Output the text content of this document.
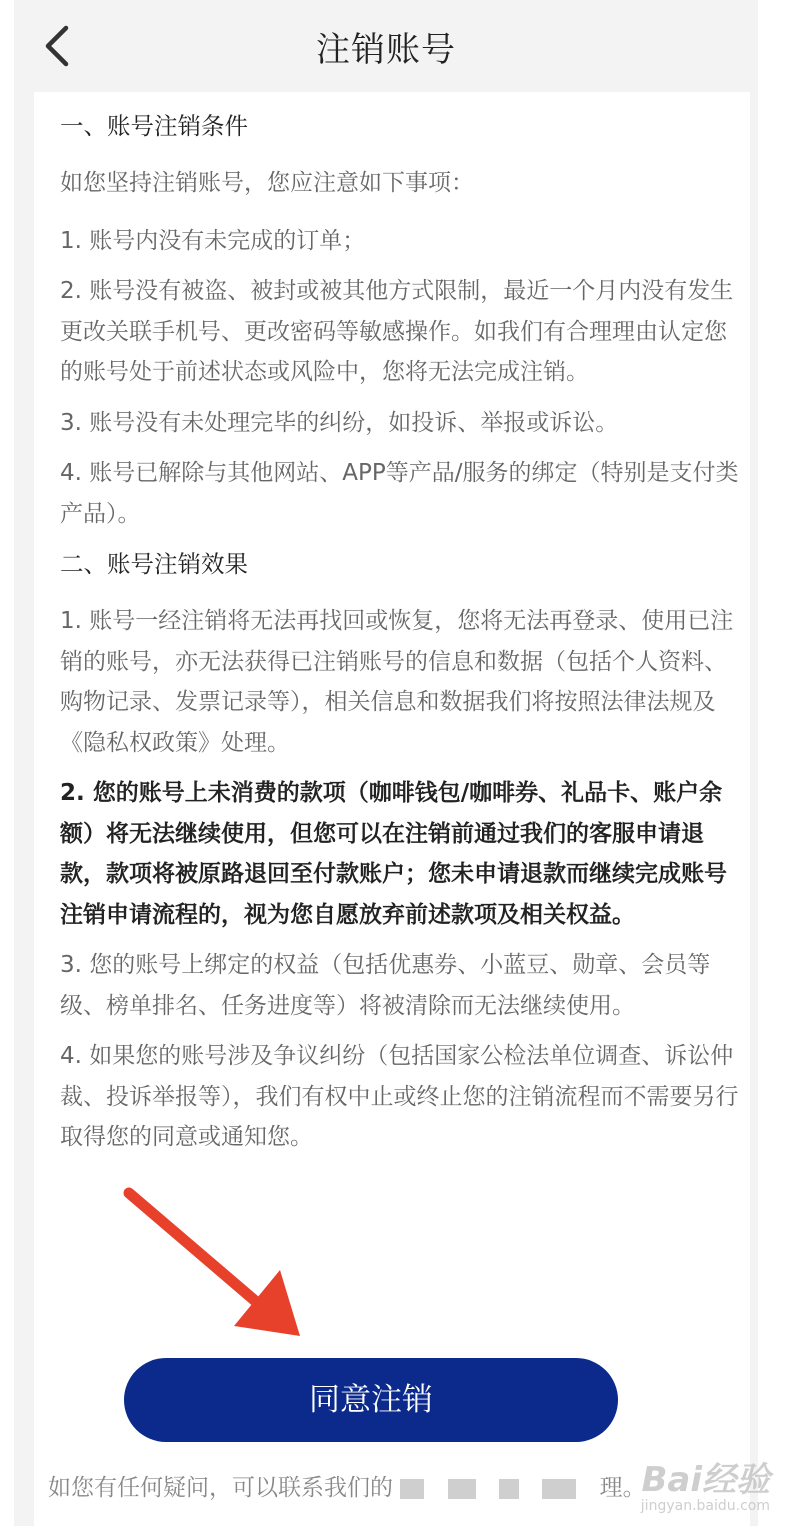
注销账号
一、账号注销条件

如您坚持注销账号，您应注意如下事项：

1. 账号内没有未完成的订单；

2. 账号没有被盗、被封或被其他方式限制，最近一个月内没有发生更改关联手机号、更改密码等敏感操作。如我们有合理理由认定您的账号处于前述状态或风险中，您将无法完成注销。

3. 账号没有未处理完毕的纠纷，如投诉、举报或诉讼。

4. 账号已解除与其他网站、APP等产品/服务的绑定（特别是支付类产品）。

二、账号注销效果

1. 账号一经注销将无法再找回或恢复，您将无法再登录、使用已注销的账号，亦无法获得已注销账号的信息和数据（包括个人资料、购物记录、发票记录等），相关信息和数据我们将按照法律法规及《隐私权政策》处理。

2. 您的账号上未消费的款项（咖啡钱包/咖啡券、礼品卡、账户余额）将无法继续使用，但您可以在注销前通过我们的客服申请退款，款项将被原路退回至付款账户；您未申请退款而继续完成账号注销申请流程的，视为您自愿放弃前述款项及相关权益。

3. 您的账号上绑定的权益（包括优惠券、小蓝豆、勋章、会员等级、榜单排名、任务进度等）将被清除而无法继续使用。

4. 如果您的账号涉及争议纠纷（包括国家公检法单位调查、诉讼仲裁、投诉举报等），我们有权中止或终止您的注销流程而不需要另行取得您的同意或通知您。

同意注销
如您有任何疑问，可以联系我们的	理。
Bai经验
jingyan.baidu.com
